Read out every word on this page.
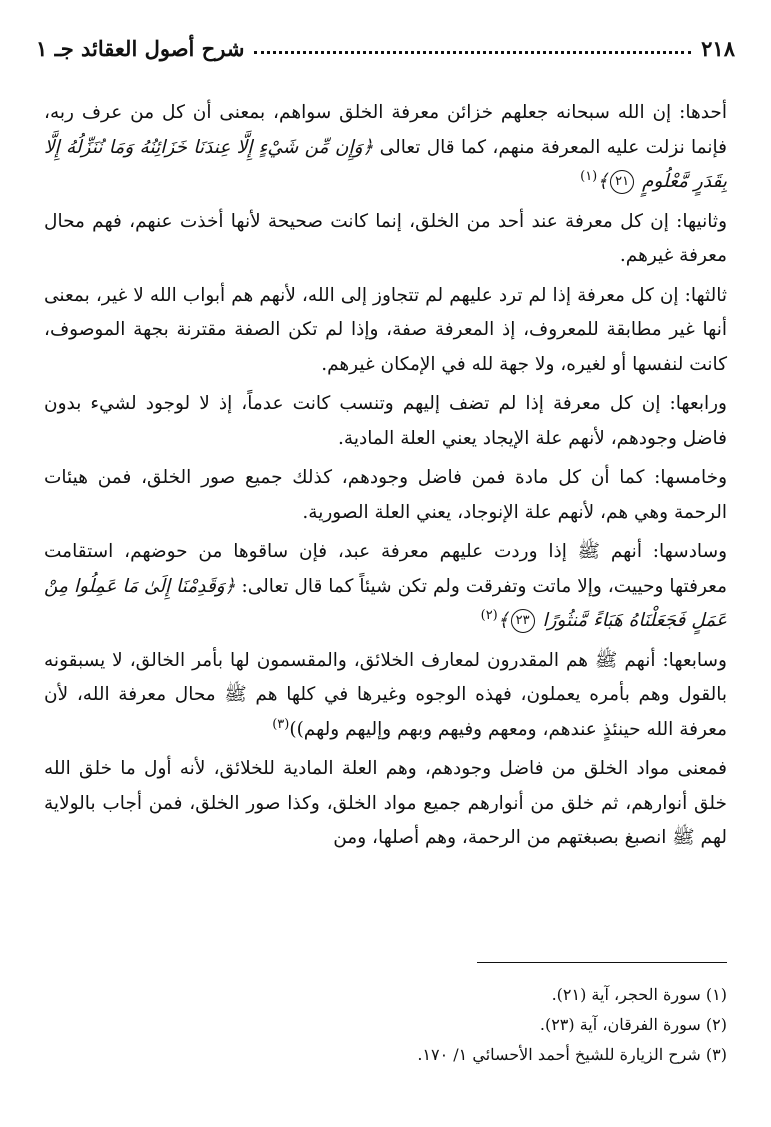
٢١٨
شرح أصول العقائد جـ ١

أحدها: إن الله سبحانه جعلهم خزائن معرفة الخلق سواهم، بمعنى أن كل من عرف ربه، فإنما نزلت عليه المعرفة منهم، كما قال تعالى ﴿وَإِن مِّن شَيْءٍ إِلَّا عِندَنَا خَزَائِنُهُ وَمَا نُنَزِّلُهُ إِلَّا بِقَدَرٍ مَّعْلُومٍ ٢١﴾$^{(١)}$

وثانيها: إن كل معرفة عند أحد من الخلق، إنما كانت صحيحة لأنها أخذت عنهم، فهم محال معرفة غيرهم.

ثالثها: إن كل معرفة إذا لم ترد عليهم لم تتجاوز إلى الله، لأنهم هم أبواب الله لا غير، بمعنى أنها غير مطابقة للمعروف، إذ المعرفة صفة، وإذا لم تكن الصفة مقترنة بجهة الموصوف، كانت لنفسها أو لغيره، ولا جهة لله في الإمكان غيرهم.

ورابعها: إن كل معرفة إذا لم تضف إليهم وتنسب كانت عدماً، إذ لا لوجود لشيء بدون فاضل وجودهم، لأنهم علة الإيجاد يعني العلة المادية.

وخامسها: كما أن كل مادة فمن فاضل وجودهم، كذلك جميع صور الخلق، فمن هيئات الرحمة وهي هم، لأنهم علة الإنوجاد، يعني العلة الصورية.

وسادسها: أنهم ﷺ إذا وردت عليهم معرفة عبد، فإن ساقوها من حوضهم، استقامت معرفتها وحييت، وإلا ماتت وتفرقت ولم تكن شيئاً كما قال تعالى: ﴿وَقَدِمْنَا إِلَىٰ مَا عَمِلُوا مِنْ عَمَلٍ فَجَعَلْنَاهُ هَبَاءً مَّنثُورًا ٢٣﴾$^{(٢)}$

وسابعها: أنهم ﷺ هم المقدرون لمعارف الخلائق، والمقسمون لها بأمر الخالق، لا يسبقونه بالقول وهم بأمره يعملون، فهذه الوجوه وغيرها في كلها هم ﷺ محال معرفة الله، لأن معرفة الله حينئذٍ عندهم، ومعهم وفيهم وبهم وإليهم ولهم))$^{(٣)}$

فمعنى مواد الخلق من فاضل وجودهم، وهم العلة المادية للخلائق، لأنه أول ما خلق الله خلق أنوارهم، ثم خلق من أنوارهم جميع مواد الخلق، وكذا صور الخلق، فمن أجاب بالولاية لهم ﷺ انصبغ بصبغتهم من الرحمة، وهم أصلها، ومن

(١) سورة الحجر، آية (٢١).
(٢) سورة الفرقان، آية (٢٣).
(٣) شرح الزيارة للشيخ أحمد الأحسائي ١/ ١٧٠.
